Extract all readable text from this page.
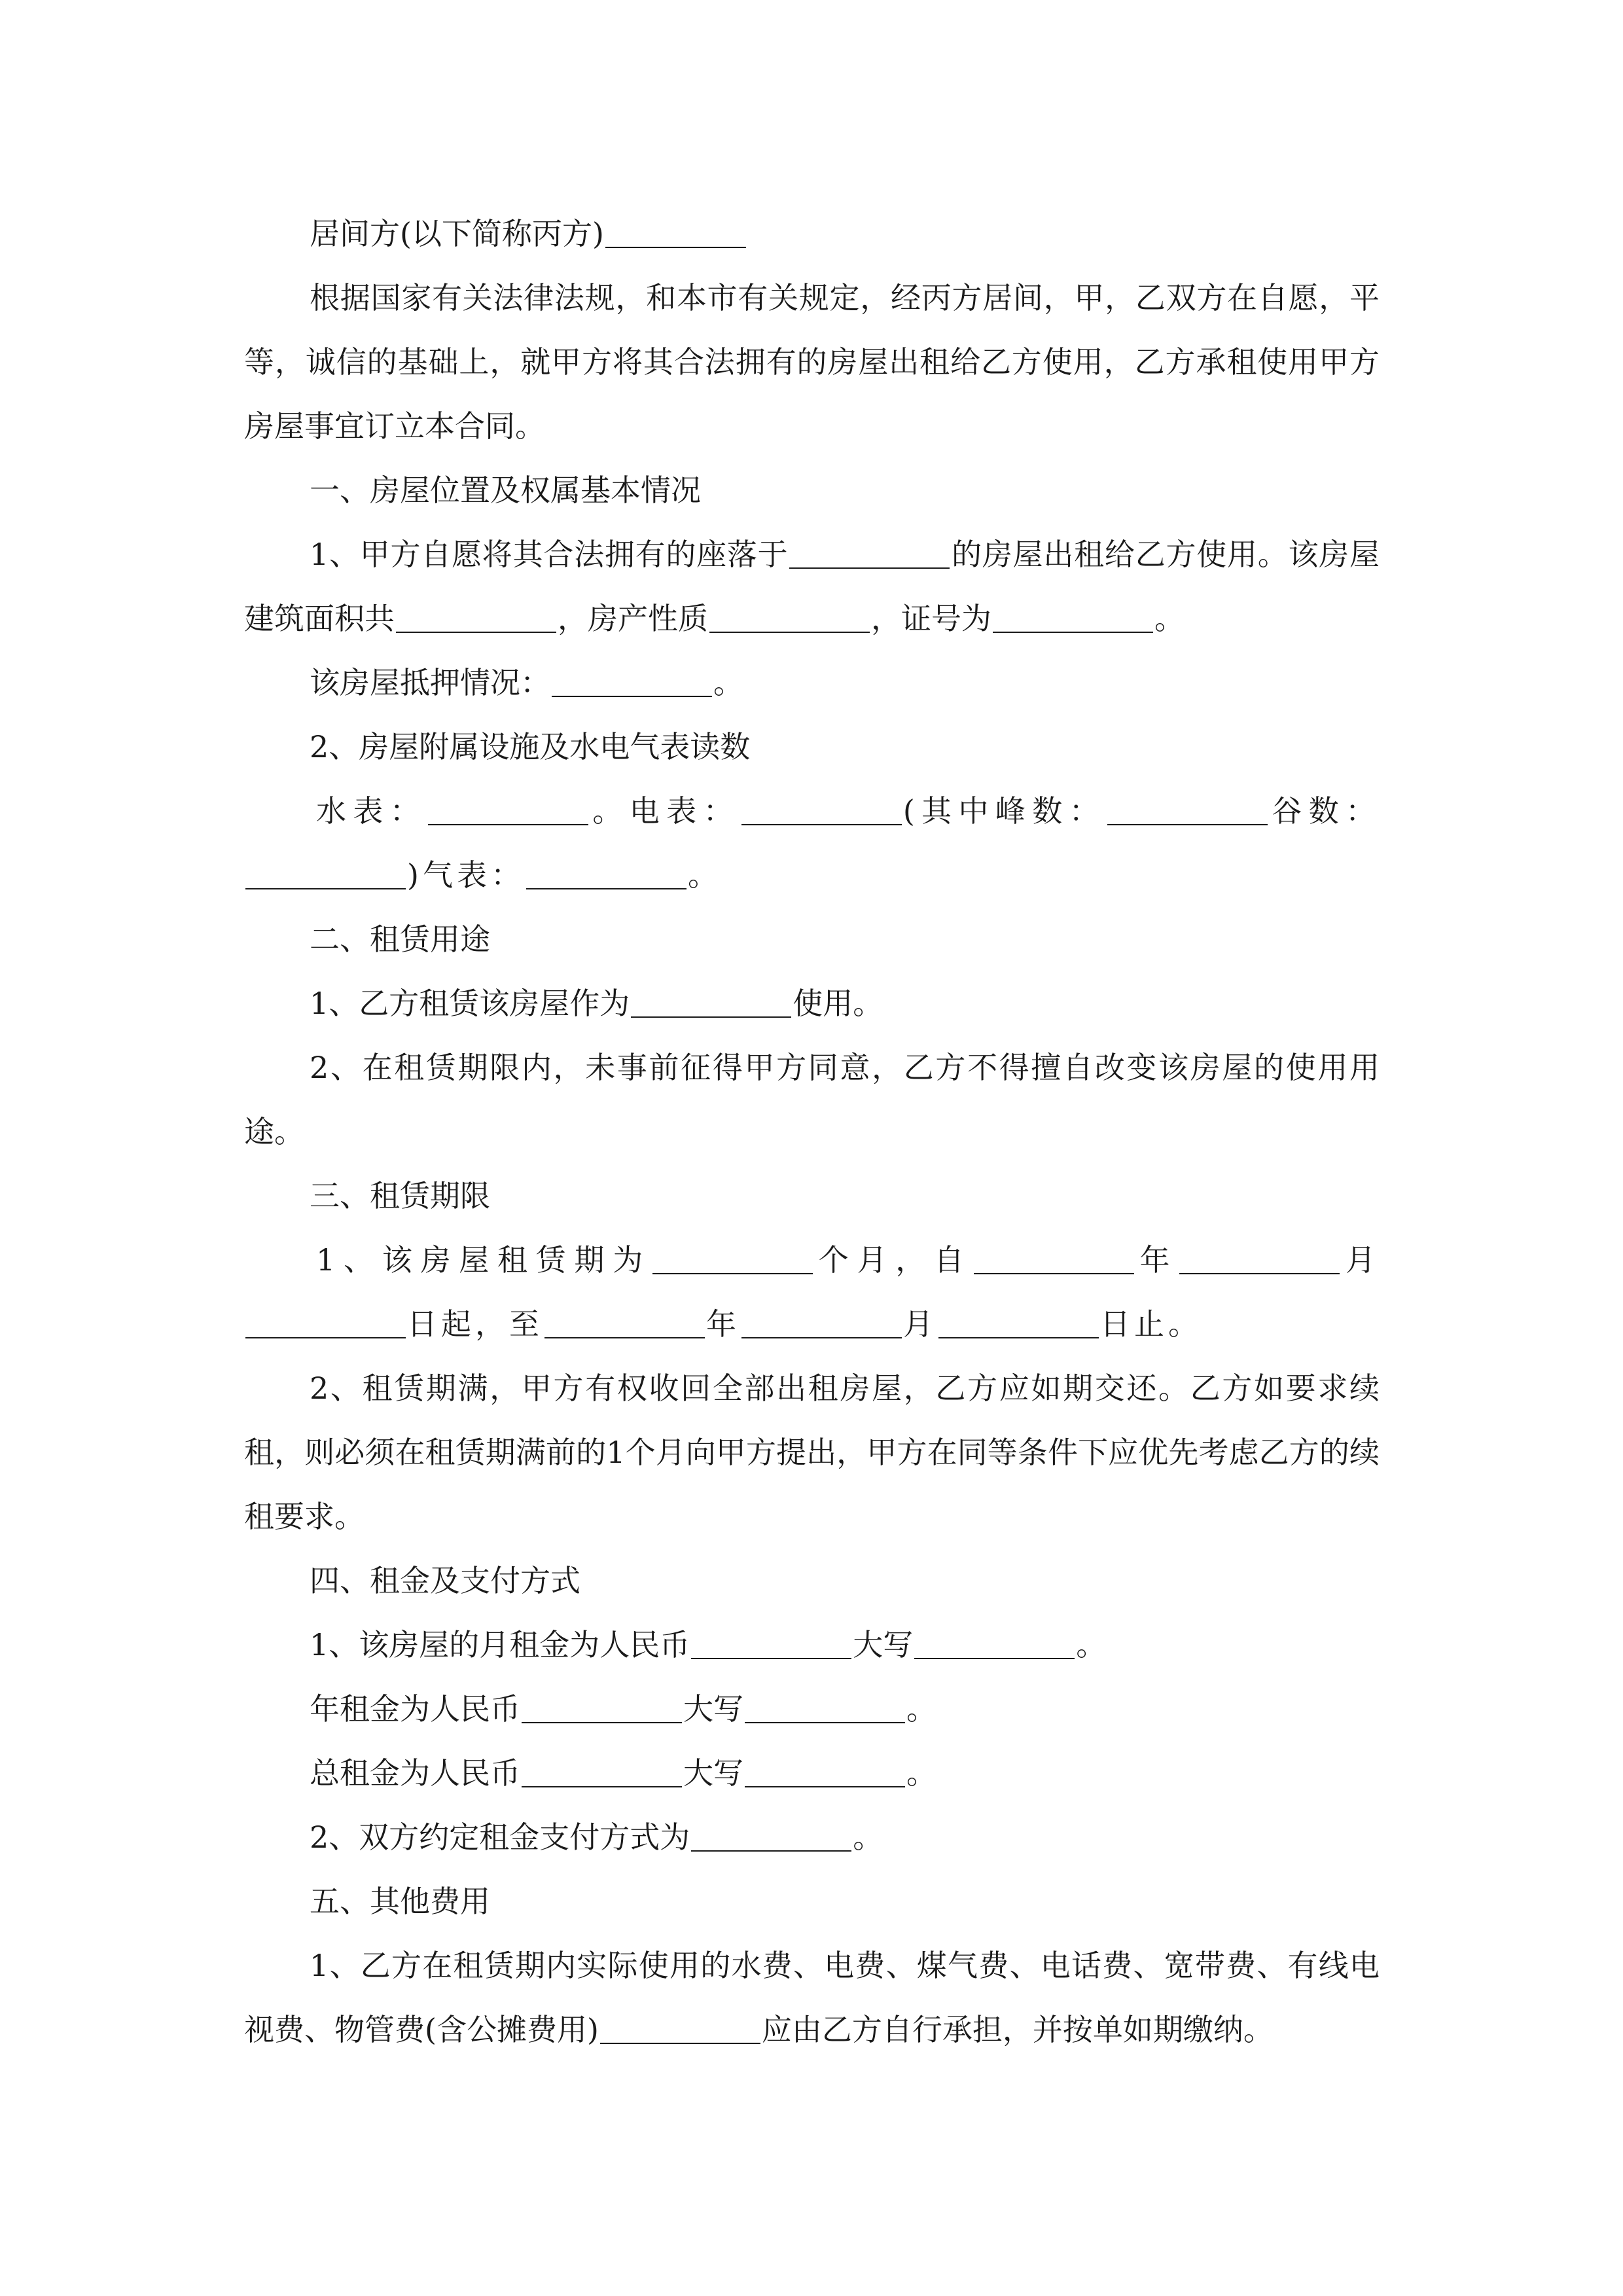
居间方(以下简称丙方)

根据国家有关法律法规，和本市有关规定，经丙方居间，甲，乙双方在自愿，平等，诚信的基础上，就甲方将其合法拥有的房屋出租给乙方使用，乙方承租使用甲方房屋事宜订立本合同。

一、房屋位置及权属基本情况

1、甲方自愿将其合法拥有的座落于	的房屋出租给乙方使用。该房屋建筑面积共	，房产性质	，证号为	。

该房屋抵押情况：	。

2、房屋附属设施及水电气表读数

水表：	。电表：	(其中峰数：	谷数：)气表：	。

二、租赁用途

1、乙方租赁该房屋作为	使用。

2、在租赁期限内，未事前征得甲方同意，乙方不得擅自改变该房屋的使用用途。

三、租赁期限

1、该房屋租赁期为	个月，自	年	月日起，至	年	月	日止。

2、租赁期满，甲方有权收回全部出租房屋，乙方应如期交还。乙方如要求续租，则必须在租赁期满前的1个月向甲方提出，甲方在同等条件下应优先考虑乙方的续租要求。

四、租金及支付方式

1、该房屋的月租金为人民币	大写	。

年租金为人民币	大写	。

总租金为人民币	大写	。

2、双方约定租金支付方式为	。

五、其他费用

1、乙方在租赁期内实际使用的水费、电费、煤气费、电话费、宽带费、有线电视费、物管费(含公摊费用)	应由乙方自行承担，并按单如期缴纳。
